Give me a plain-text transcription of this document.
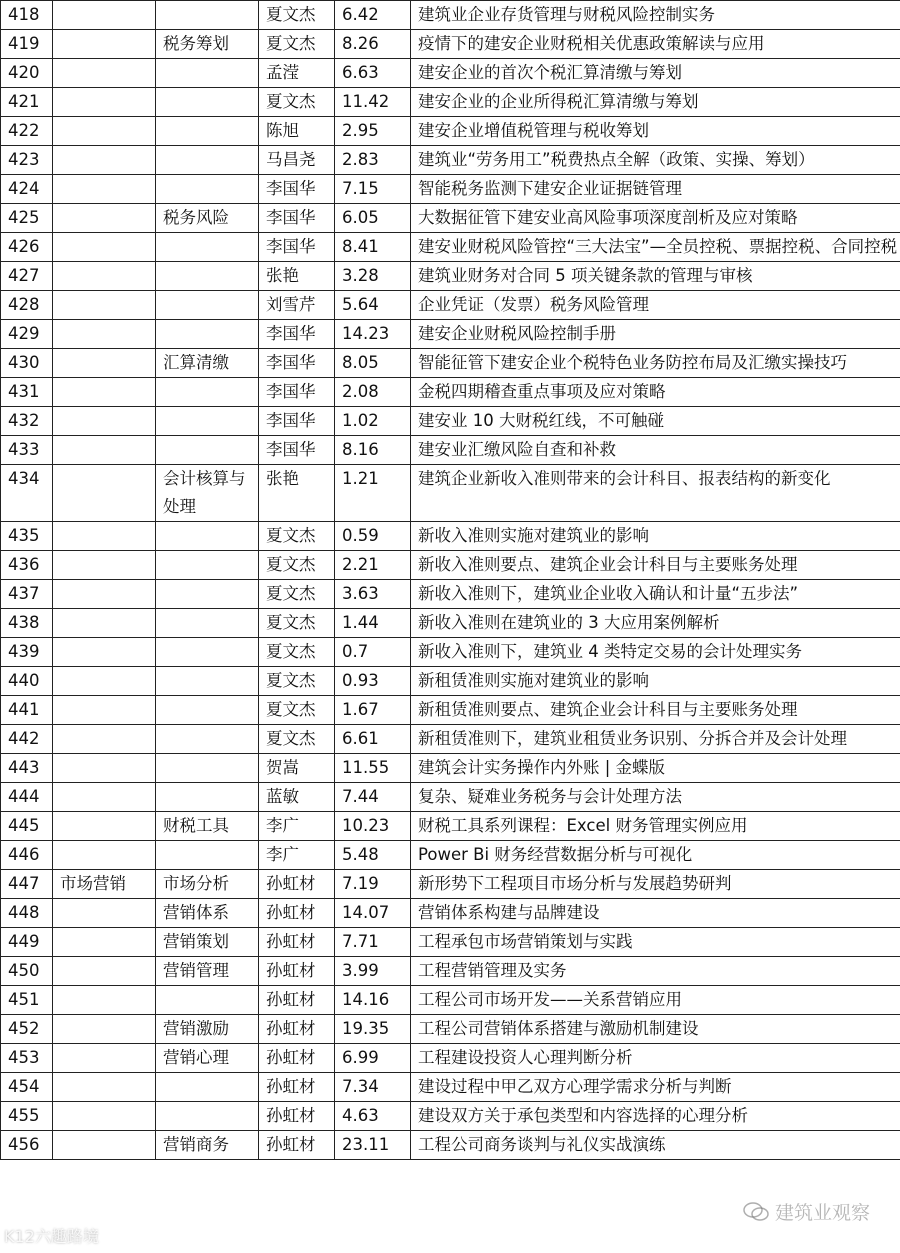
418			夏文杰	6.42	建筑业企业存货管理与财税风险控制实务
419		税务筹划	夏文杰	8.26	疫情下的建安企业财税相关优惠政策解读与应用
420			孟滢	6.63	建安企业的首次个税汇算清缴与筹划
421			夏文杰	11.42	建安企业的企业所得税汇算清缴与筹划
422			陈旭	2.95	建安企业增值税管理与税收筹划
423			马昌尧	2.83	建筑业“劳务用工”税费热点全解（政策、实操、筹划）
424			李国华	7.15	智能税务监测下建安企业证据链管理
425		税务风险	李国华	6.05	大数据征管下建安业高风险事项深度剖析及应对策略
426			李国华	8.41	建安业财税风险管控“三大法宝”—全员控税、票据控税、合同控税
427			张艳	3.28	建筑业财务对合同 5 项关键条款的管理与审核
428			刘雪芹	5.64	企业凭证（发票）税务风险管理
429			李国华	14.23	建安企业财税风险控制手册
430		汇算清缴	李国华	8.05	智能征管下建安企业个税特色业务防控布局及汇缴实操技巧
431			李国华	2.08	金税四期稽查重点事项及应对策略
432			李国华	1.02	建安业 10 大财税红线，不可触碰
433			李国华	8.16	建安业汇缴风险自查和补救
434		会计核算与处理	张艳	1.21	建筑企业新收入准则带来的会计科目、报表结构的新变化
435			夏文杰	0.59	新收入准则实施对建筑业的影响
436			夏文杰	2.21	新收入准则要点、建筑企业会计科目与主要账务处理
437			夏文杰	3.63	新收入准则下，建筑业企业收入确认和计量“五步法”
438			夏文杰	1.44	新收入准则在建筑业的 3 大应用案例解析
439			夏文杰	0.7	新收入准则下，建筑业 4 类特定交易的会计处理实务
440			夏文杰	0.93	新租赁准则实施对建筑业的影响
441			夏文杰	1.67	新租赁准则要点、建筑企业会计科目与主要账务处理
442			夏文杰	6.61	新租赁准则下，建筑业租赁业务识别、分拆合并及会计处理
443			贺嵩	11.55	建筑会计实务操作内外账 | 金蝶版
444			蓝敏	7.44	复杂、疑难业务税务与会计处理方法
445		财税工具	李广	10.23	财税工具系列课程：Excel 财务管理实例应用
446			李广	5.48	Power Bi 财务经营数据分析与可视化
447	市场营销	市场分析	孙虹材	7.19	新形势下工程项目市场分析与发展趋势研判
448		营销体系	孙虹材	14.07	营销体系构建与品牌建设
449		营销策划	孙虹材	7.71	工程承包市场营销策划与实践
450		营销管理	孙虹材	3.99	工程营销管理及实务
451			孙虹材	14.16	工程公司市场开发——关系营销应用
452		营销激励	孙虹材	19.35	工程公司营销体系搭建与激励机制建设
453		营销心理	孙虹材	6.99	工程建设投资人心理判断分析
454			孙虹材	7.34	建设过程中甲乙双方心理学需求分析与判断
455			孙虹材	4.63	建设双方关于承包类型和内容选择的心理分析
456		营销商务	孙虹材	23.11	工程公司商务谈判与礼仪实战演练
K12六趣路境
建筑业观察
